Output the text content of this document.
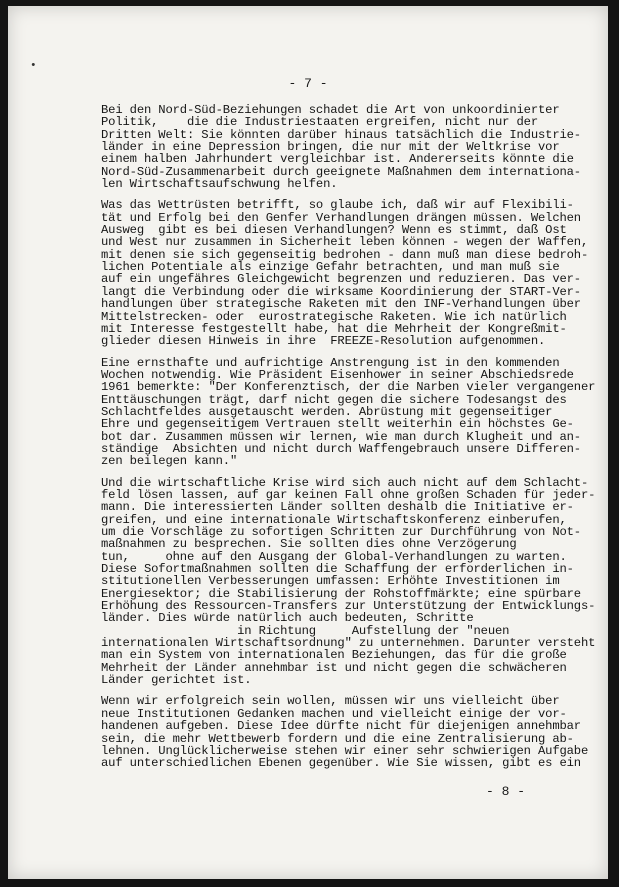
•
- 7 -
Bei den Nord-Süd-Beziehungen schadet die Art von unkoordinierter
Politik,    die die Industriestaaten ergreifen, nicht nur der
Dritten Welt: Sie könnten darüber hinaus tatsächlich die Industrie-
länder in eine Depression bringen, die nur mit der Weltkrise vor
einem halben Jahrhundert vergleichbar ist. Andererseits könnte die
Nord-Süd-Zusammenarbeit durch geeignete Maßnahmen dem internationa-
len Wirtschaftsaufschwung helfen.
Was das Wettrüsten betrifft, so glaube ich, daß wir auf Flexibili-
tät und Erfolg bei den Genfer Verhandlungen drängen müssen. Welchen
Ausweg  gibt es bei diesen Verhandlungen? Wenn es stimmt, daß Ost
und West nur zusammen in Sicherheit leben können - wegen der Waffen,
mit denen sie sich gegenseitig bedrohen - dann muß man diese bedroh-
lichen Potentiale als einzige Gefahr betrachten, und man muß sie
auf ein ungefähres Gleichgewicht begrenzen und reduzieren. Das ver-
langt die Verbindung oder die wirksame Koordinierung der START-Ver-
handlungen über strategische Raketen mit den INF-Verhandlungen über
Mittelstrecken- oder  eurostrategische Raketen. Wie ich natürlich
mit Interesse festgestellt habe, hat die Mehrheit der Kongreßmit-
glieder diesen Hinweis in ihre  FREEZE-Resolution aufgenommen.
Eine ernsthafte und aufrichtige Anstrengung ist in den kommenden
Wochen notwendig. Wie Präsident Eisenhower in seiner Abschiedsrede
1961 bemerkte: "Der Konferenztisch, der die Narben vieler vergangener
Enttäuschungen trägt, darf nicht gegen die sichere Todesangst des
Schlachtfeldes ausgetauscht werden. Abrüstung mit gegenseitiger
Ehre und gegenseitigem Vertrauen stellt weiterhin ein höchstes Ge-
bot dar. Zusammen müssen wir lernen, wie man durch Klugheit und an-
ständige  Absichten und nicht durch Waffengebrauch unsere Differen-
zen beilegen kann."
Und die wirtschaftliche Krise wird sich auch nicht auf dem Schlacht-
feld lösen lassen, auf gar keinen Fall ohne großen Schaden für jeder-
mann. Die interessierten Länder sollten deshalb die Initiative er-
greifen, und eine internationale Wirtschaftskonferenz einberufen,
um die Vorschläge zu sofortigen Schritten zur Durchführung von Not-
maßnahmen zu besprechen. Sie sollten dies ohne Verzögerung
tun,     ohne auf den Ausgang der Global-Verhandlungen zu warten.
Diese Sofortmaßnahmen sollten die Schaffung der erforderlichen in-
stitutionellen Verbesserungen umfassen: Erhöhte Investitionen im
Energiesektor; die Stabilisierung der Rohstoffmärkte; eine spürbare
Erhöhung des Ressourcen-Transfers zur Unterstützung der Entwicklungs-
länder. Dies würde natürlich auch bedeuten, Schritte
in Richtung     Aufstellung der "neuen
internationalen Wirtschaftsordnung" zu unternehmen. Darunter versteht
man ein System von internationalen Beziehungen, das für die große
Mehrheit der Länder annehmbar ist und nicht gegen die schwächeren
Länder gerichtet ist.
Wenn wir erfolgreich sein wollen, müssen wir uns vielleicht über
neue Institutionen Gedanken machen und vielleicht einige der vor-
handenen aufgeben. Diese Idee dürfte nicht für diejenigen annehmbar
sein, die mehr Wettbewerb fordern und die eine Zentralisierung ab-
lehnen. Unglücklicherweise stehen wir einer sehr schwierigen Aufgabe
auf unterschiedlichen Ebenen gegenüber. Wie Sie wissen, gibt es ein
- 8 -
